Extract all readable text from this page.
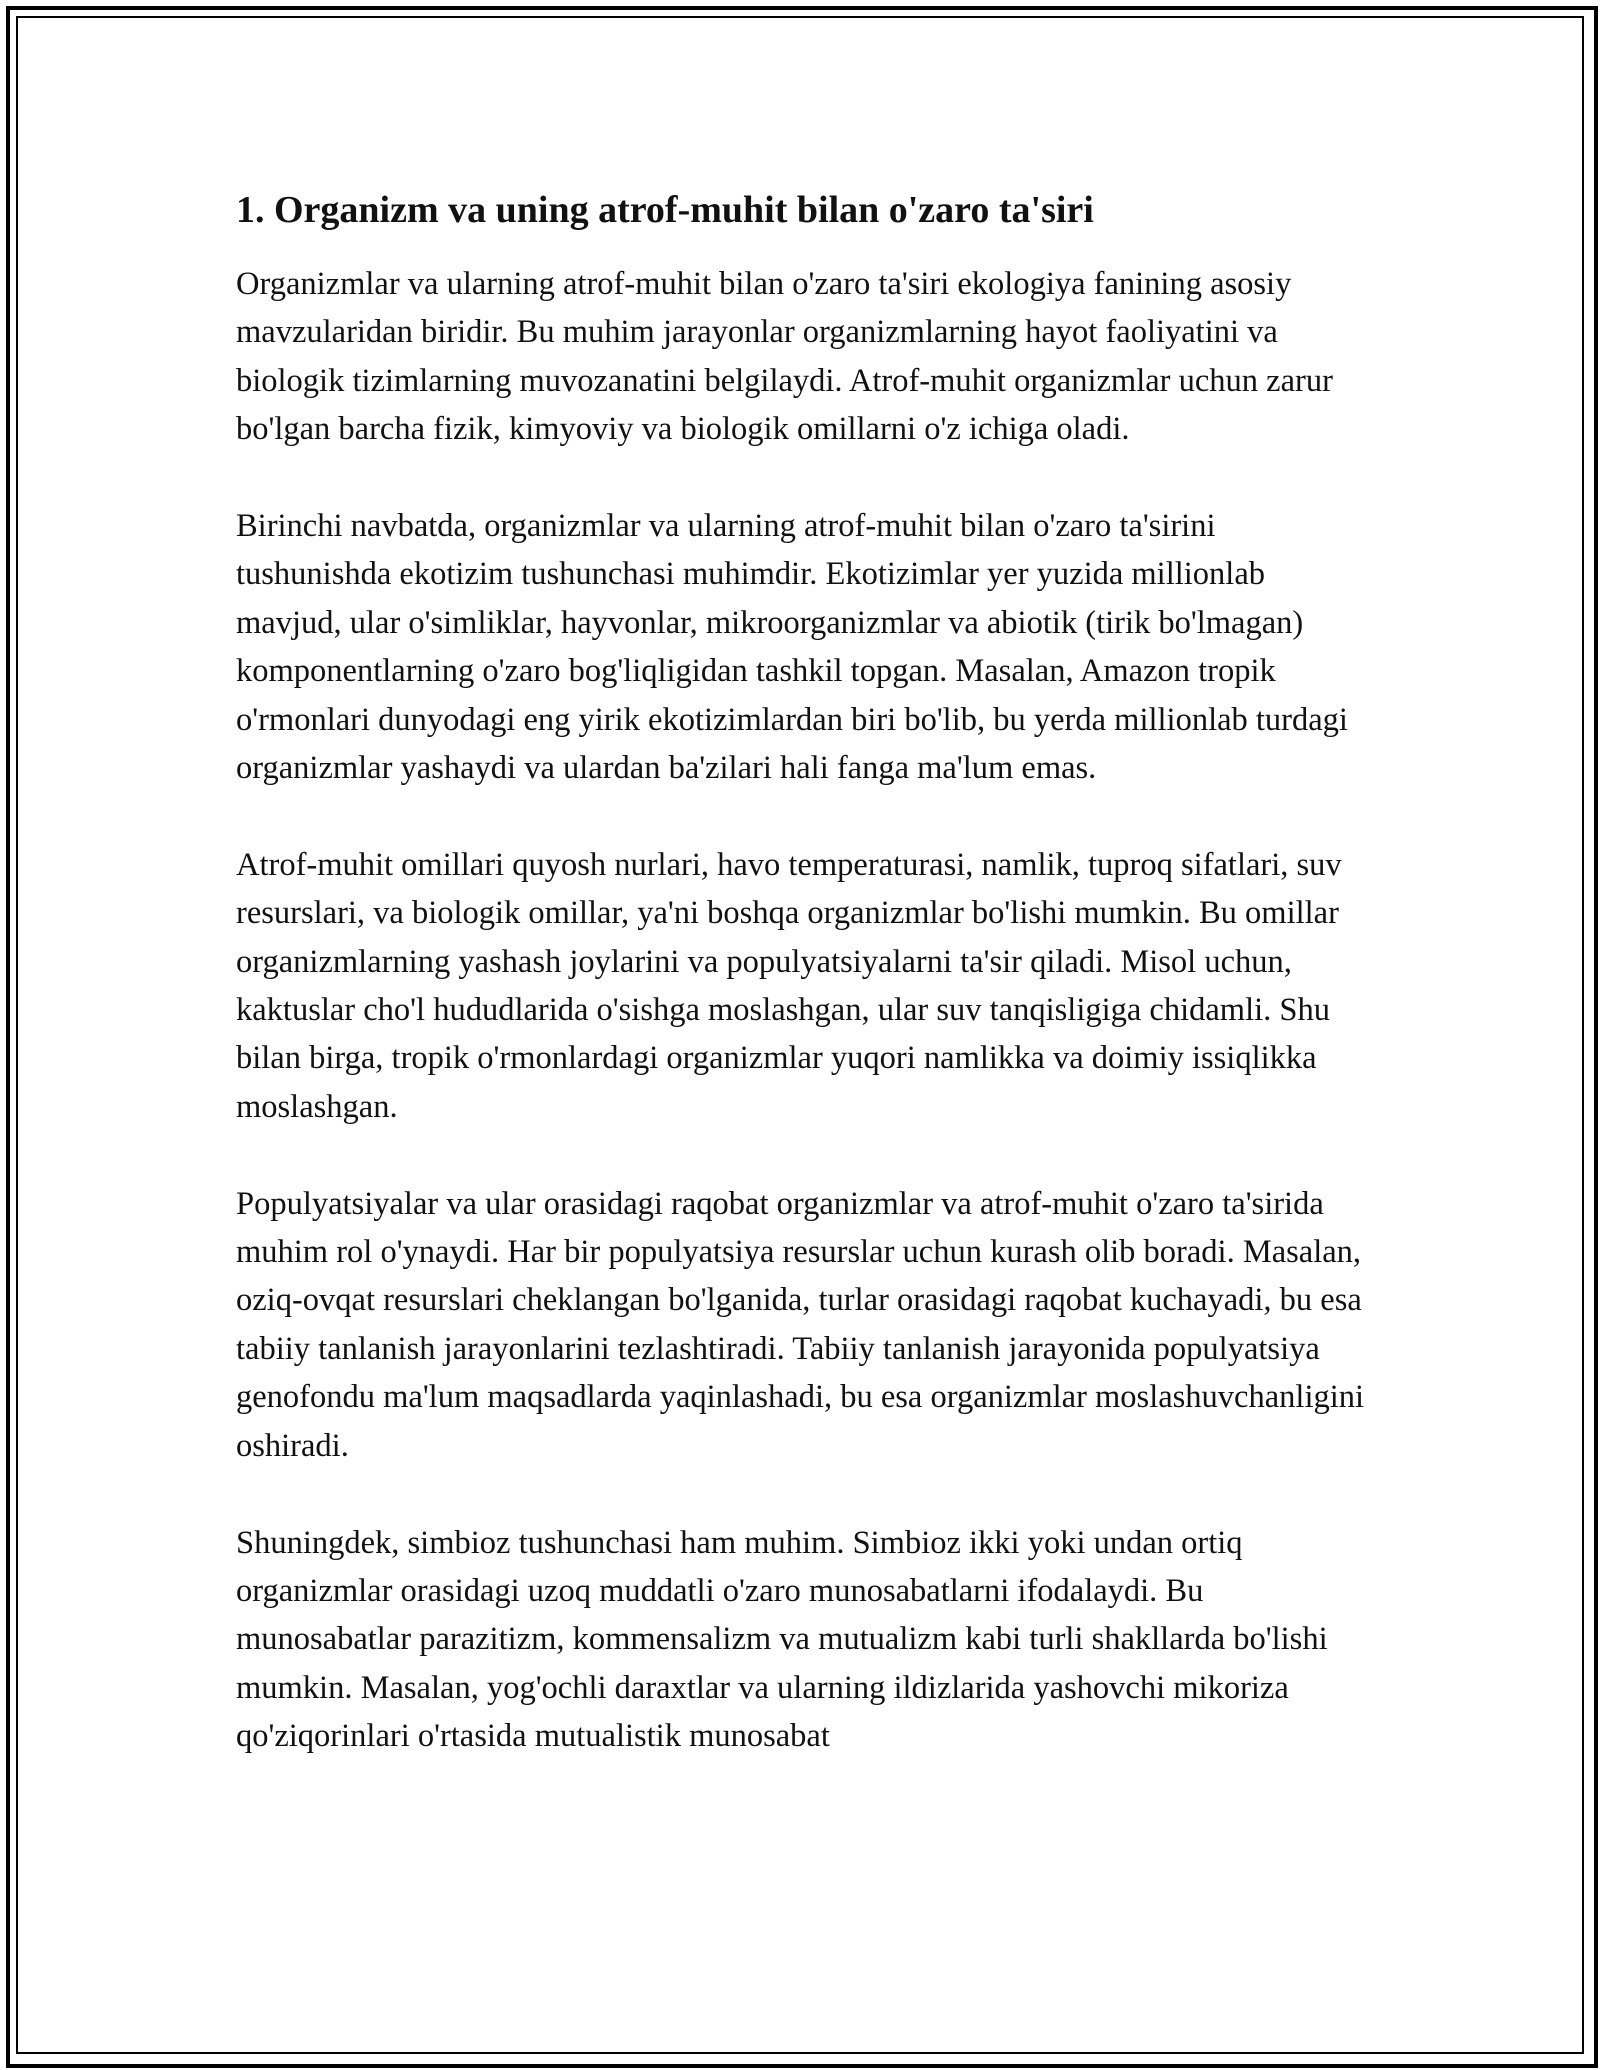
1. Organizm va uning atrof-muhit bilan o'zaro ta'siri

Organizmlar va ularning atrof-muhit bilan o'zaro ta'siri ekologiya fanining asosiy mavzularidan biridir. Bu muhim jarayonlar organizmlarning hayot faoliyatini va biologik tizimlarning muvozanatini belgilaydi. Atrof-muhit organizmlar uchun zarur bo'lgan barcha fizik, kimyoviy va biologik omillarni o'z ichiga oladi.

Birinchi navbatda, organizmlar va ularning atrof-muhit bilan o'zaro ta'sirini tushunishda ekotizim tushunchasi muhimdir. Ekotizimlar yer yuzida millionlab mavjud, ular o'simliklar, hayvonlar, mikroorganizmlar va abiotik (tirik bo'lmagan) komponentlarning o'zaro bog'liqligidan tashkil topgan. Masalan, Amazon tropik o'rmonlari dunyodagi eng yirik ekotizimlardan biri bo'lib, bu yerda millionlab turdagi organizmlar yashaydi va ulardan ba'zilari hali fanga ma'lum emas.

Atrof-muhit omillari quyosh nurlari, havo temperaturasi, namlik, tuproq sifatlari, suv resurslari, va biologik omillar, ya'ni boshqa organizmlar bo'lishi mumkin. Bu omillar organizmlarning yashash joylarini va populyatsiyalarni ta'sir qiladi. Misol uchun, kaktuslar cho'l hududlarida o'sishga moslashgan, ular suv tanqisligiga chidamli. Shu bilan birga, tropik o'rmonlardagi organizmlar yuqori namlikka va doimiy issiqlikka moslashgan.

Populyatsiyalar va ular orasidagi raqobat organizmlar va atrof-muhit o'zaro ta'sirida muhim rol o'ynaydi. Har bir populyatsiya resurslar uchun kurash olib boradi. Masalan, oziq-ovqat resurslari cheklangan bo'lganida, turlar orasidagi raqobat kuchayadi, bu esa tabiiy tanlanish jarayonlarini tezlashtiradi. Tabiiy tanlanish jarayonida populyatsiya genofondu ma'lum maqsadlarda yaqinlashadi, bu esa organizmlar moslashuvchanligini oshiradi.

Shuningdek, simbioz tushunchasi ham muhim. Simbioz ikki yoki undan ortiq organizmlar orasidagi uzoq muddatli o'zaro munosabatlarni ifodalaydi. Bu munosabatlar parazitizm, kommensalizm va mutualizm kabi turli shakllarda bo'lishi mumkin. Masalan, yog'ochli daraxtlar va ularning ildizlarida yashovchi mikoriza qo'ziqorinlari o'rtasida mutualistik munosabat
